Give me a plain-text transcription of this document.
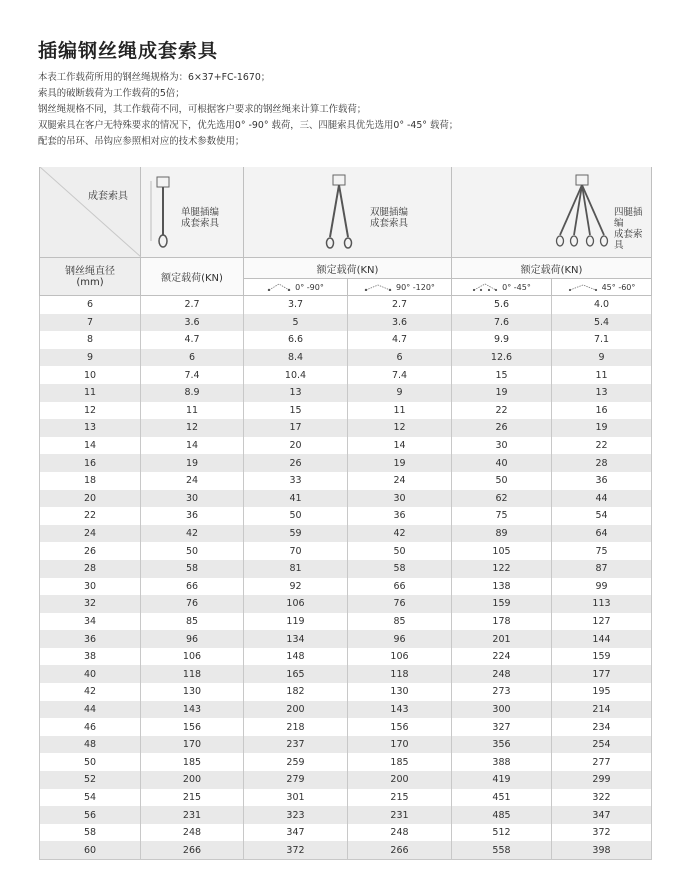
插编钢丝绳成套索具
本表工作载荷所用的钢丝绳规格为：6×37+FC-1670；
索具的破断载荷为工作载荷的5倍；
钢丝绳规格不同，其工作载荷不同，可根据客户要求的钢丝绳来计算工作载荷；
双腿索具在客户无特殊要求的情况下，优先选用0° -90° 载荷，三、四腿索具优先选用0° -45° 载荷；
配套的吊环、吊钩应参照相对应的技术参数使用；
成套索具	单腿插编
成套索具	双腿插编
成套索具		四腿插编
成套索具	

钢丝绳直径
(mm)	额定载荷(KN)	额定载荷(KN)		额定载荷(KN)	

		0° -90°	90° -120°	0° -45°	45° -60°

6	2.7	3.7	2.7	5.6	4.0
7	3.6	5	3.6	7.6	5.4
8	4.7	6.6	4.7	9.9	7.1
9	6	8.4	6	12.6	9
10	7.4	10.4	7.4	15	11
11	8.9	13	9	19	13
12	11	15	11	22	16
13	12	17	12	26	19
14	14	20	14	30	22
16	19	26	19	40	28
18	24	33	24	50	36
20	30	41	30	62	44
22	36	50	36	75	54
24	42	59	42	89	64
26	50	70	50	105	75
28	58	81	58	122	87
30	66	92	66	138	99
32	76	106	76	159	113
34	85	119	85	178	127
36	96	134	96	201	144
38	106	148	106	224	159
40	118	165	118	248	177
42	130	182	130	273	195
44	143	200	143	300	214
46	156	218	156	327	234
48	170	237	170	356	254
50	185	259	185	388	277
52	200	279	200	419	299
54	215	301	215	451	322
56	231	323	231	485	347
58	248	347	248	512	372
60	266	372	266	558	398
